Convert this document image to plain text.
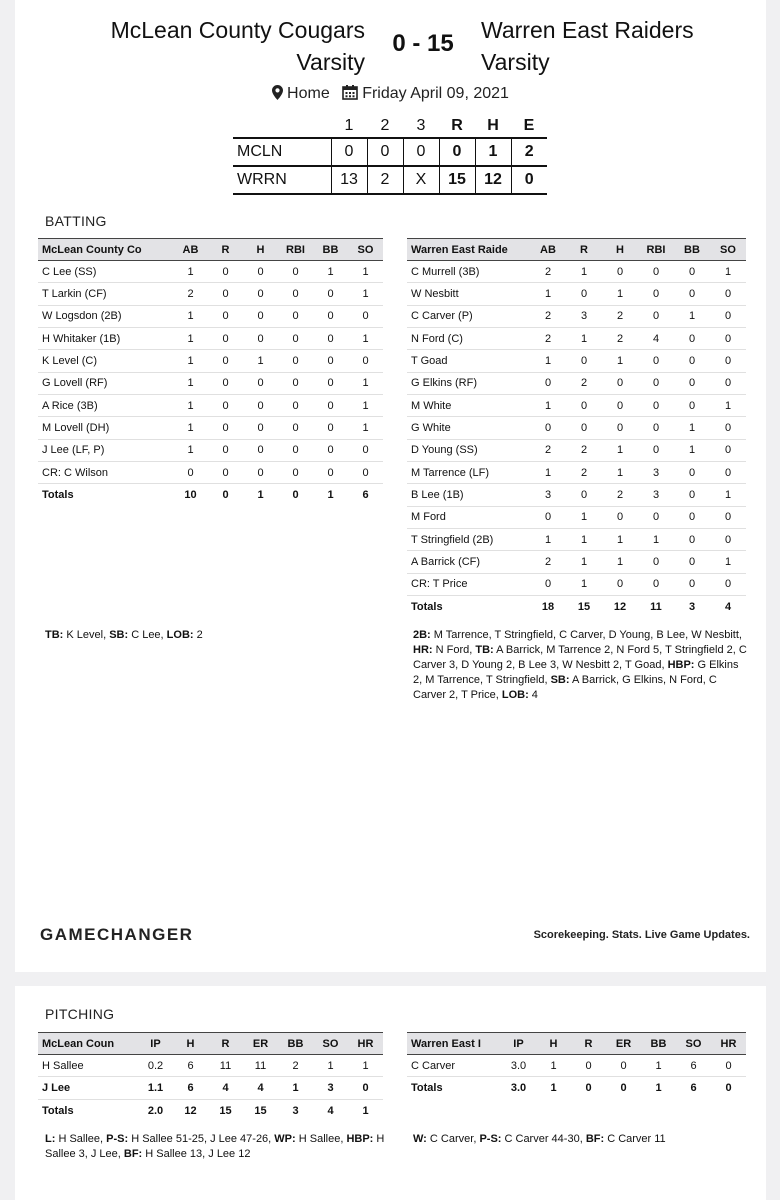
McLean County Cougars
Varsity
0 - 15	Warren East Raiders
Varsity
Home Friday April 09, 2021
	1	2	3	R	H	E
MCLN	0	0	0	0	1	2
WRRN	13	2	X	15	12	0
BATTING
McLean County Co	AB	R	H	RBI	BB	SO
C Lee (SS)	1	0	0	0	1	1
T Larkin (CF)	2	0	0	0	0	1
W Logsdon (2B)	1	0	0	0	0	0
H Whitaker (1B)	1	0	0	0	0	1
K Level (C)	1	0	1	0	0	0
G Lovell (RF)	1	0	0	0	0	1
A Rice (3B)	1	0	0	0	0	1
M Lovell (DH)	1	0	0	0	0	1
J Lee (LF, P)	1	0	0	0	0	0
CR: C Wilson	0	0	0	0	0	0
Totals	10	0	1	0	1	6
TB: K Level, SB: C Lee, LOB: 2
Warren East Raide	AB	R	H	RBI	BB	SO
C Murrell (3B)	2	1	0	0	0	1
W Nesbitt	1	0	1	0	0	0
C Carver (P)	2	3	2	0	1	0
N Ford (C)	2	1	2	4	0	0
T Goad	1	0	1	0	0	0
G Elkins (RF)	0	2	0	0	0	0
M White	1	0	0	0	0	1
G White	0	0	0	0	1	0
D Young (SS)	2	2	1	0	1	0
M Tarrence (LF)	1	2	1	3	0	0
B Lee (1B)	3	0	2	3	0	1
M Ford	0	1	0	0	0	0
T Stringfield (2B)	1	1	1	1	0	0
A Barrick (CF)	2	1	1	0	0	1
CR: T Price	0	1	0	0	0	0
Totals	18	15	12	11	3	4
2B: M Tarrence, T Stringfield, C Carver, D Young, B Lee, W Nesbitt, HR: N Ford, TB: A Barrick, M Tarrence 2, N Ford 5, T Stringfield 2, C Carver 3, D Young 2, B Lee 3, W Nesbitt 2, T Goad, HBP: G Elkins 2, M Tarrence, T Stringfield, SB: A Barrick, G Elkins, N Ford, C Carver 2, T Price, LOB: 4
GAMECHANGER	Scorekeeping. Stats. Live Game Updates.
PITCHING
McLean Coun	IP	H	R	ER	BB	SO	HR
H Sallee	0.2	6	11	11	2	1	1
J Lee	1.1	6	4	4	1	3	0
Totals	2.0	12	15	15	3	4	1
L: H Sallee, P-S: H Sallee 51-25, J Lee 47-26, WP: H Sallee, HBP: H Sallee 3, J Lee, BF: H Sallee 13, J Lee 12
Warren East I	IP	H	R	ER	BB	SO	HR
C Carver	3.0	1	0	0	1	6	0
Totals	3.0	1	0	0	1	6	0
W: C Carver, P-S: C Carver 44-30, BF: C Carver 11
